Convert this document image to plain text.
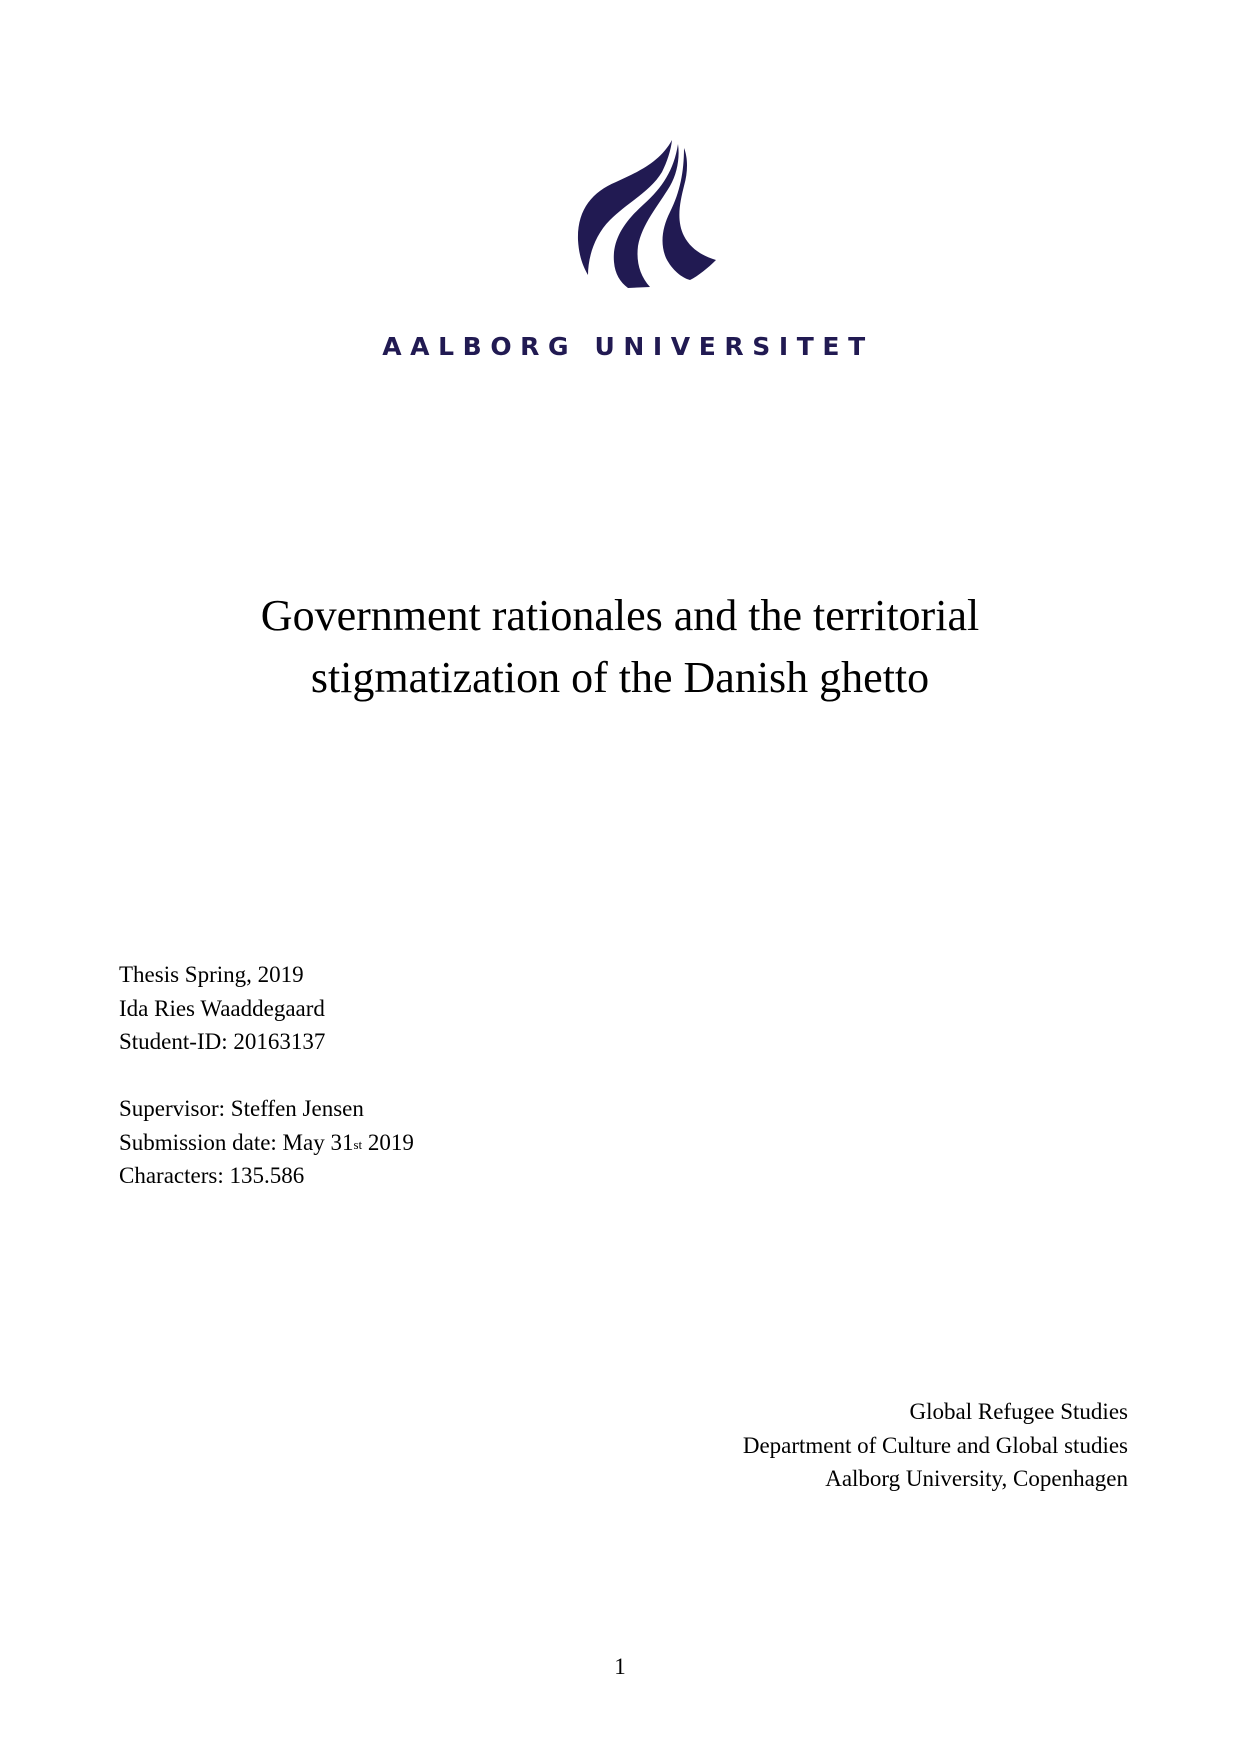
AALBORG UNIVERSITET
Government rationales and the territorial
stigmatization of the Danish ghetto
Thesis Spring, 2019
Ida Ries Waaddegaard
Student-ID: 20163137
Supervisor: Steffen Jensen
Submission date: May 31st 2019
Characters: 135.586
Global Refugee Studies
Department of Culture and Global studies
Aalborg University, Copenhagen
1
